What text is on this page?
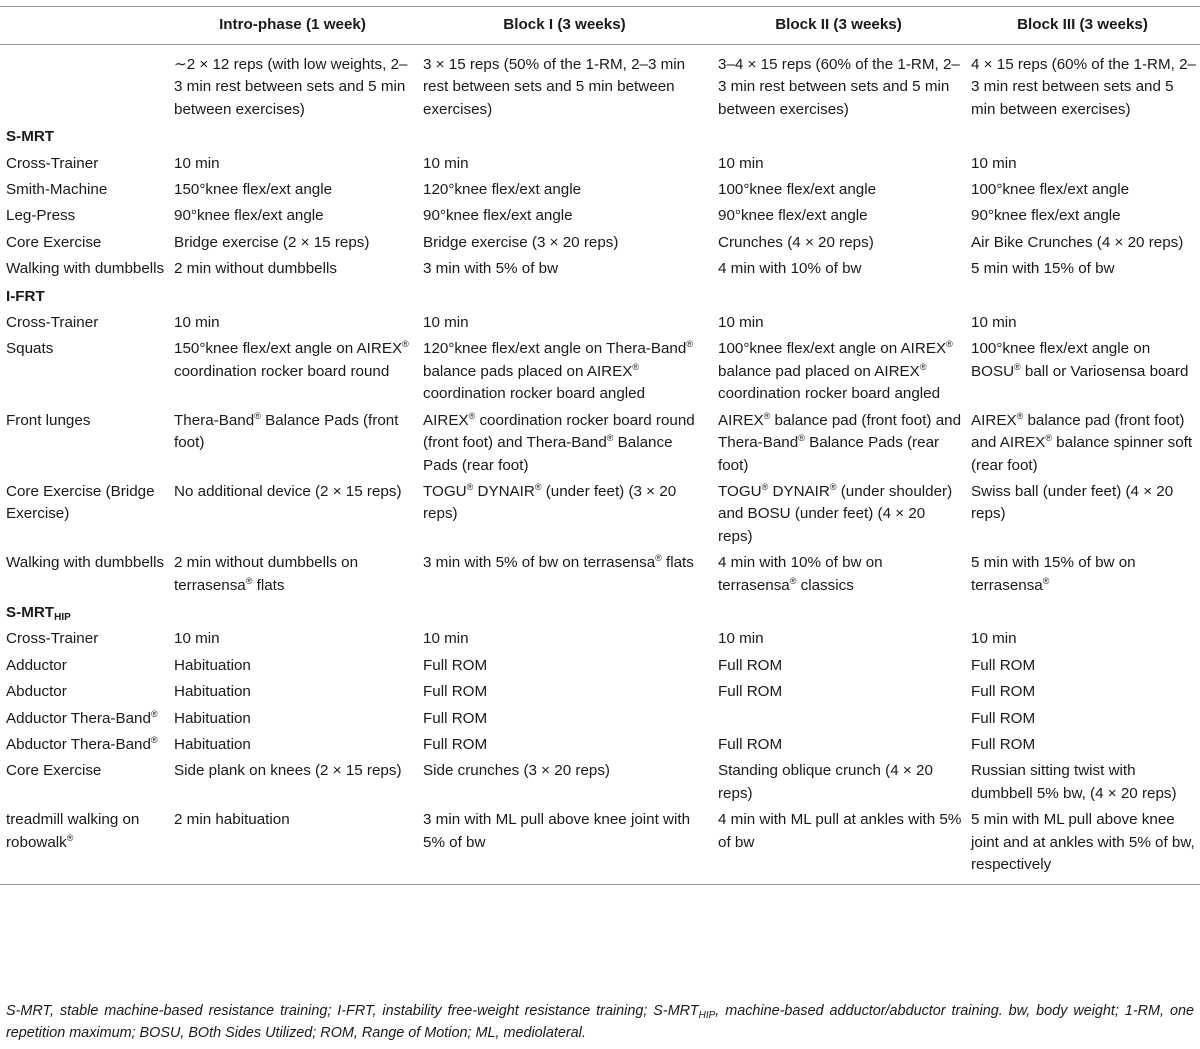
	Intro-phase (1 week)	Block I (3 weeks)	Block II (3 weeks)	Block III (3 weeks)
	∼2 × 12 reps (with low weights, 2–3 min rest between sets and 5 min between exercises)	3 × 15 reps (50% of the 1-RM, 2–3 min rest between sets and 5 min between exercises)	3–4 × 15 reps (60% of the 1-RM, 2–3 min rest between sets and 5 min between exercises)	4 × 15 reps (60% of the 1-RM, 2–3 min rest between sets and 5 min between exercises)
S-MRT				
Cross-Trainer	10 min	10 min	10 min	10 min
Smith-Machine	150°knee flex/ext angle	120°knee flex/ext angle	100°knee flex/ext angle	100°knee flex/ext angle
Leg-Press	90°knee flex/ext angle	90°knee flex/ext angle	90°knee flex/ext angle	90°knee flex/ext angle
Core Exercise	Bridge exercise (2 × 15 reps)	Bridge exercise (3 × 20 reps)	Crunches (4 × 20 reps)	Air Bike Crunches (4 × 20 reps)
Walking with dumbbells	2 min without dumbbells	3 min with 5% of bw	4 min with 10% of bw	5 min with 15% of bw
I-FRT				
Cross-Trainer	10 min	10 min	10 min	10 min
Squats	150°knee flex/ext angle on AIREX® coordination rocker board round	120°knee flex/ext angle on Thera-Band® balance pads placed on AIREX® coordination rocker board angled	100°knee flex/ext angle on AIREX® balance pad placed on AIREX® coordination rocker board angled	100°knee flex/ext angle on BOSU® ball or Variosensa board
Front lunges	Thera-Band® Balance Pads (front foot)	AIREX® coordination rocker board round (front foot) and Thera-Band® Balance Pads (rear foot)	AIREX® balance pad (front foot) and Thera-Band® Balance Pads (rear foot)	AIREX® balance pad (front foot) and AIREX® balance spinner soft (rear foot)
Core Exercise (Bridge Exercise)	No additional device (2 × 15 reps)	TOGU® DYNAIR® (under feet) (3 × 20 reps)	TOGU® DYNAIR® (under shoulder) and BOSU (under feet) (4 × 20 reps)	Swiss ball (under feet) (4 × 20 reps)
Walking with dumbbells	2 min without dumbbells on terrasensa® flats	3 min with 5% of bw on terrasensa® flats	4 min with 10% of bw on terrasensa® classics	5 min with 15% of bw on terrasensa®
$S-MRT_{HIP}$
Cross-Trainer	10 min	10 min	10 min	10 min
Adductor	Habituation	Full ROM	Full ROM	Full ROM
Abductor	Habituation	Full ROM	Full ROM	Full ROM
Adductor Thera-Band®	Habituation	Full ROM		Full ROM
Abductor Thera-Band®	Habituation	Full ROM	Full ROM	Full ROM
Core Exercise	Side plank on knees (2 × 15 reps)	Side crunches (3 × 20 reps)	Standing oblique crunch (4 × 20 reps)	Russian sitting twist with dumbbell 5% bw, (4 × 20 reps)
treadmill walking on robowalk®	2 min habituation	3 min with ML pull above knee joint with 5% of bw	4 min with ML pull at ankles with 5% of bw	5 min with ML pull above knee joint and at ankles with 5% of bw, respectively

S-MRT, stable machine-based resistance training; I-FRT, instability free-weight resistance training; $S-MRT_{HIP}$, machine-based adductor/abductor training. bw, body weight; 1-RM, one repetition maximum; BOSU, BOth Sides Utilized; ROM, Range of Motion; ML, mediolateral.
